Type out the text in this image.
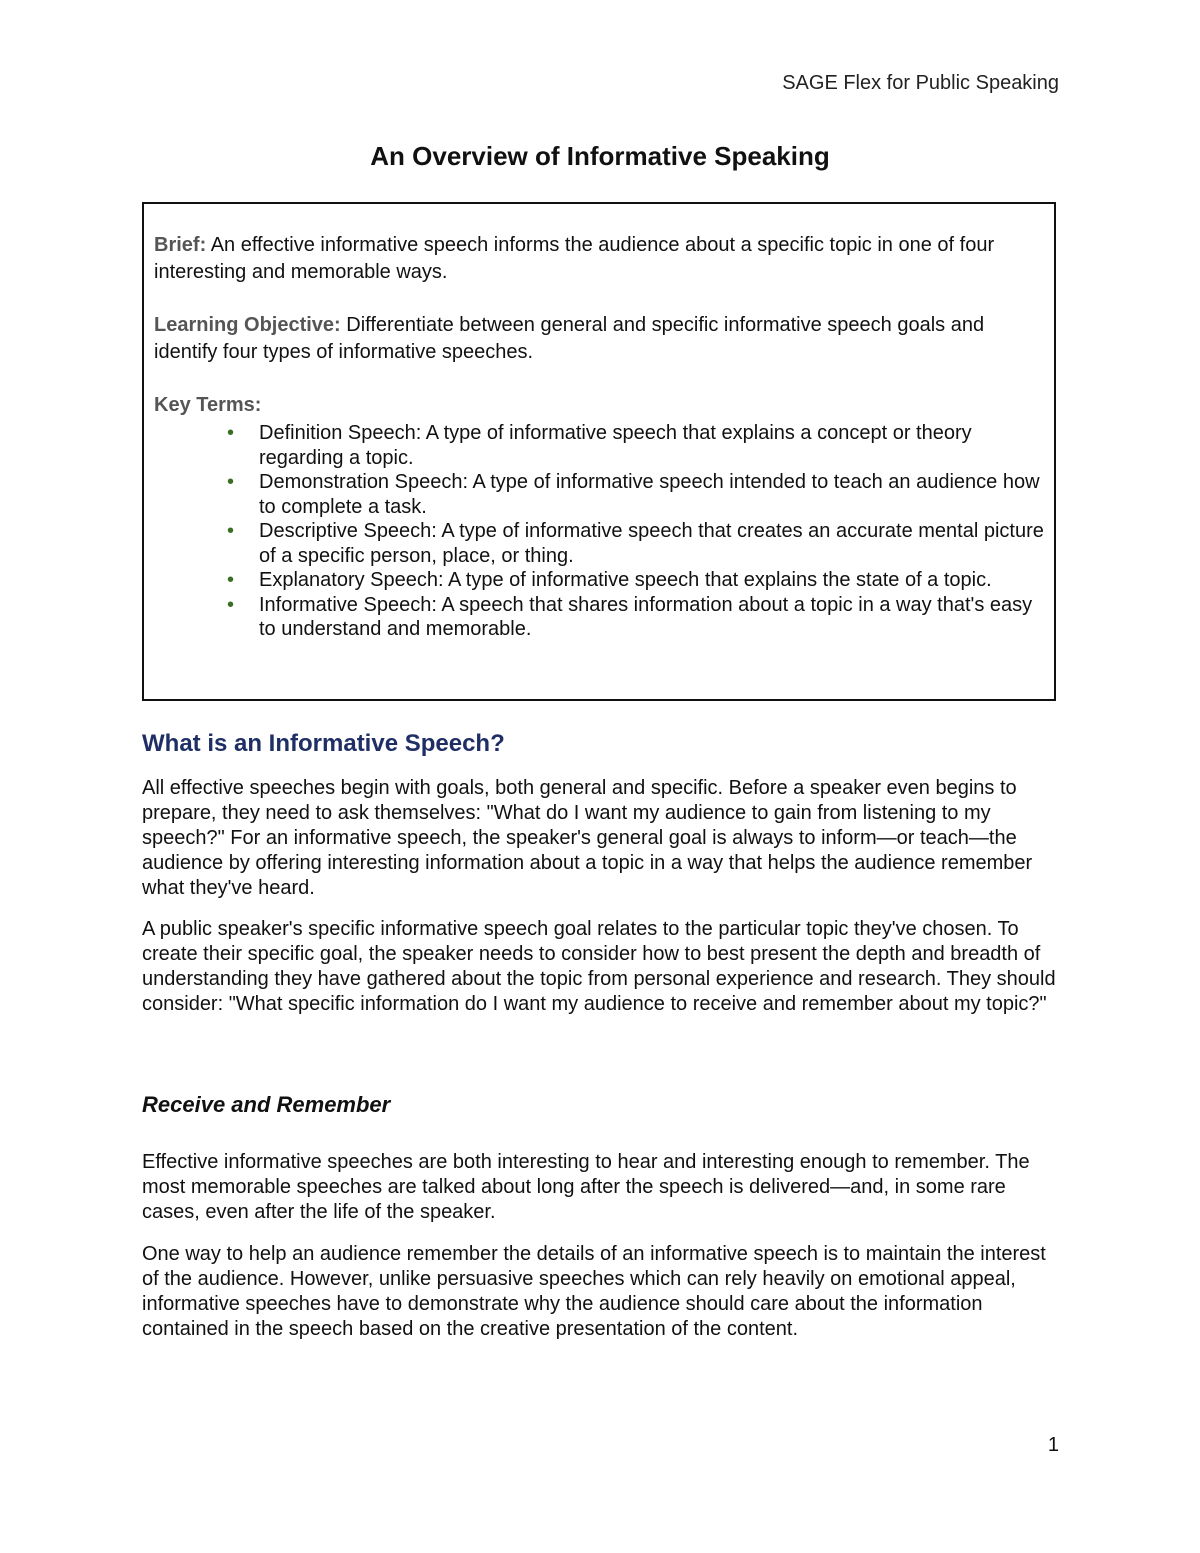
SAGE Flex for Public Speaking
An Overview of Informative Speaking

Brief: An effective informative speech informs the audience about a specific topic in one of four interesting and memorable ways.

Learning Objective: Differentiate between general and specific informative speech goals and identify four types of informative speeches.

Key Terms:

• Definition Speech: A type of informative speech that explains a concept or theory regarding a topic.
• Demonstration Speech: A type of informative speech intended to teach an audience how to complete a task.
• Descriptive Speech: A type of informative speech that creates an accurate mental picture of a specific person, place, or thing.
• Explanatory Speech: A type of informative speech that explains the state of a topic.
• Informative Speech: A speech that shares information about a topic in a way that's easy to understand and memorable.
What is an Informative Speech?

All effective speeches begin with goals, both general and specific. Before a speaker even begins to prepare, they need to ask themselves: "What do I want my audience to gain from listening to my speech?" For an informative speech, the speaker's general goal is always to inform—or teach—the audience by offering interesting information about a topic in a way that helps the audience remember what they've heard.

A public speaker's specific informative speech goal relates to the particular topic they've chosen. To create their specific goal, the speaker needs to consider how to best present the depth and breadth of understanding they have gathered about the topic from personal experience and research. They should consider: "What specific information do I want my audience to receive and remember about my topic?"

Receive and Remember

Effective informative speeches are both interesting to hear and interesting enough to remember. The most memorable speeches are talked about long after the speech is delivered—and, in some rare cases, even after the life of the speaker.

One way to help an audience remember the details of an informative speech is to maintain the interest of the audience. However, unlike persuasive speeches which can rely heavily on emotional appeal, informative speeches have to demonstrate why the audience should care about the information contained in the speech based on the creative presentation of the content.

1
